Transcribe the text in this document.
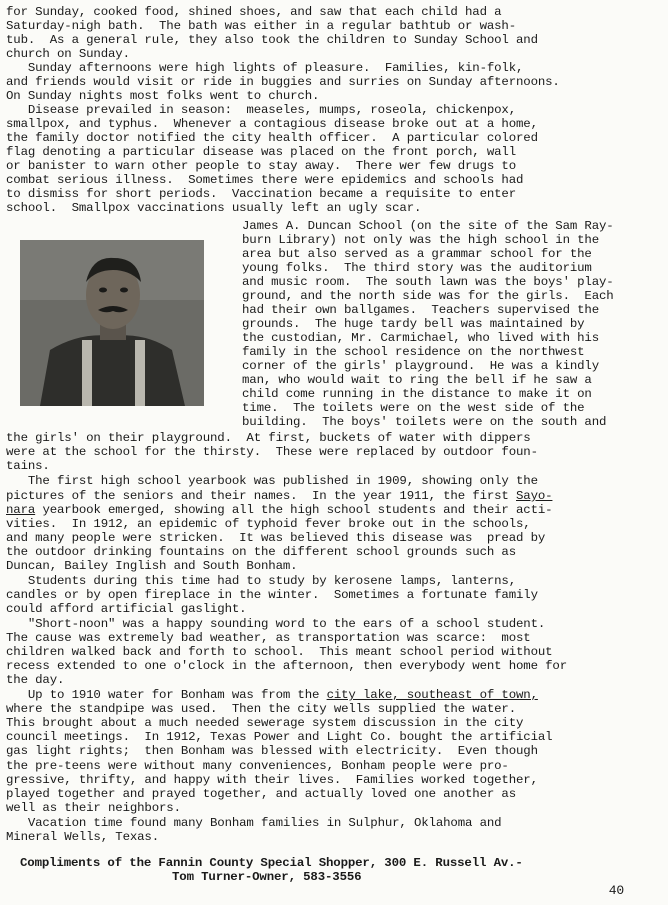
for Sunday, cooked food, shined shoes, and saw that each child had a
Saturday-nigh bath.  The bath was either in a regular bathtub or wash-
tub.  As a general rule, they also took the children to Sunday School and
church on Sunday.
Sunday afternoons were high lights of pleasure.  Families, kin-folk,
and friends would visit or ride in buggies and surries on Sunday afternoons.
On Sunday nights most folks went to church.
Disease prevailed in season:  measeles, mumps, roseola, chickenpox,
smallpox, and typhus.  Whenever a contagious disease broke out at a home,
the family doctor notified the city health officer.  A particular colored
flag denoting a particular disease was placed on the front porch, wall
or banister to warn other people to stay away.  There wer few drugs to
combat serious illness.  Sometimes there were epidemics and schools had
to dismiss for short periods.  Vaccination became a requisite to enter
school.  Smallpox vaccinations usually left an ugly scar.
James A. Duncan School (on the site of the Sam Ray-
burn Library) not only was the high school in the
area but also served as a grammar school for the
young folks.  The third story was the auditorium
and music room.  The south lawn was the boys' play-
ground, and the north side was for the girls.  Each
had their own ballgames.  Teachers supervised the
grounds.  The huge tardy bell was maintained by
the custodian, Mr. Carmichael, who lived with his
family in the school residence on the northwest
corner of the girls' playground.  He was a kindly
man, who would wait to ring the bell if he saw a
child come running in the distance to make it on
time.  The toilets were on the west side of the
building.  The boys' toilets were on the south and
the girls' on their playground.  At first, buckets of water with dippers
were at the school for the thirsty.  These were replaced by outdoor foun-
tains.
The first high school yearbook was published in 1909, showing only the
pictures of the seniors and their names.  In the year 1911, the first Sayo-
nara yearbook emerged, showing all the high school students and their acti-
vities.  In 1912, an epidemic of typhoid fever broke out in the schools,
and many people were stricken.  It was believed this disease was  pread by
the outdoor drinking fountains on the different school grounds such as
Duncan, Bailey Inglish and South Bonham.
Students during this time had to study by kerosene lamps, lanterns,
candles or by open fireplace in the winter.  Sometimes a fortunate family
could afford artificial gaslight.
"Short-noon" was a happy sounding word to the ears of a school student.
The cause was extremely bad weather, as transportation was scarce:  most
children walked back and forth to school.  This meant school period without
recess extended to one o'clock in the afternoon, then everybody went home for
the day.
Up to 1910 water for Bonham was from the city lake, southeast of town,
where the standpipe was used.  Then the city wells supplied the water.
This brought about a much needed sewerage system discussion in the city
council meetings.  In 1912, Texas Power and Light Co. bought the artificial
gas light rights;  then Bonham was blessed with electricity.  Even though
the pre-teens were without many conveniences, Bonham people were pro-
gressive, thrifty, and happy with their lives.  Families worked together,
played together and prayed together, and actually loved one another as
well as their neighbors.
Vacation time found many Bonham families in Sulphur, Oklahoma and
Mineral Wells, Texas.
Compliments of the Fannin County Special Shopper, 300 E. Russell Av.-
Tom Turner-Owner, 583-3556
40
